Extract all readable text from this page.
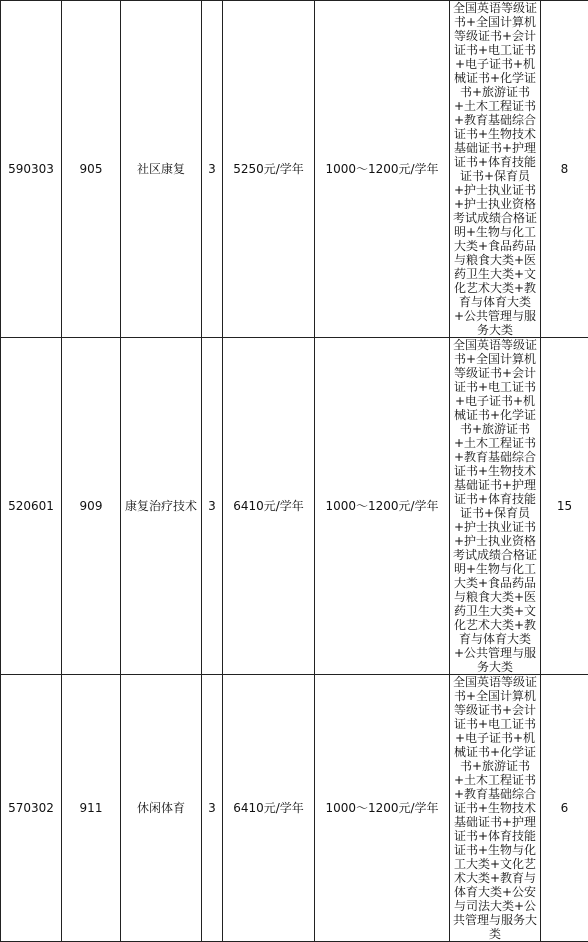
590303	905	社区康复	3	5250元/学年	1000～1200元/学年	全国英语等级证书+全国计算机等级证书+会计证书+电工证书+电子证书+机械证书+化学证书+旅游证书+土木工程证书+教育基础综合证书+生物技术基础证书+护理证书+体育技能证书+保育员+护士执业证书+护士执业资格考试成绩合格证明+生物与化工大类+食品药品与粮食大类+医药卫生大类+文化艺术大类+教育与体育大类+公共管理与服务大类	8
520601	909	康复治疗技术	3	6410元/学年	1000～1200元/学年	全国英语等级证书+全国计算机等级证书+会计证书+电工证书+电子证书+机械证书+化学证书+旅游证书+土木工程证书+教育基础综合证书+生物技术基础证书+护理证书+体育技能证书+保育员+护士执业证书+护士执业资格考试成绩合格证明+生物与化工大类+食品药品与粮食大类+医药卫生大类+文化艺术大类+教育与体育大类+公共管理与服务大类	15
570302	911	休闲体育	3	6410元/学年	1000～1200元/学年	全国英语等级证书+全国计算机等级证书+会计证书+电工证书+电子证书+机械证书+化学证书+旅游证书+土木工程证书+教育基础综合证书+生物技术基础证书+护理证书+体育技能证书+生物与化工大类+文化艺术大类+教育与体育大类+公安与司法大类+公共管理与服务大类	6
